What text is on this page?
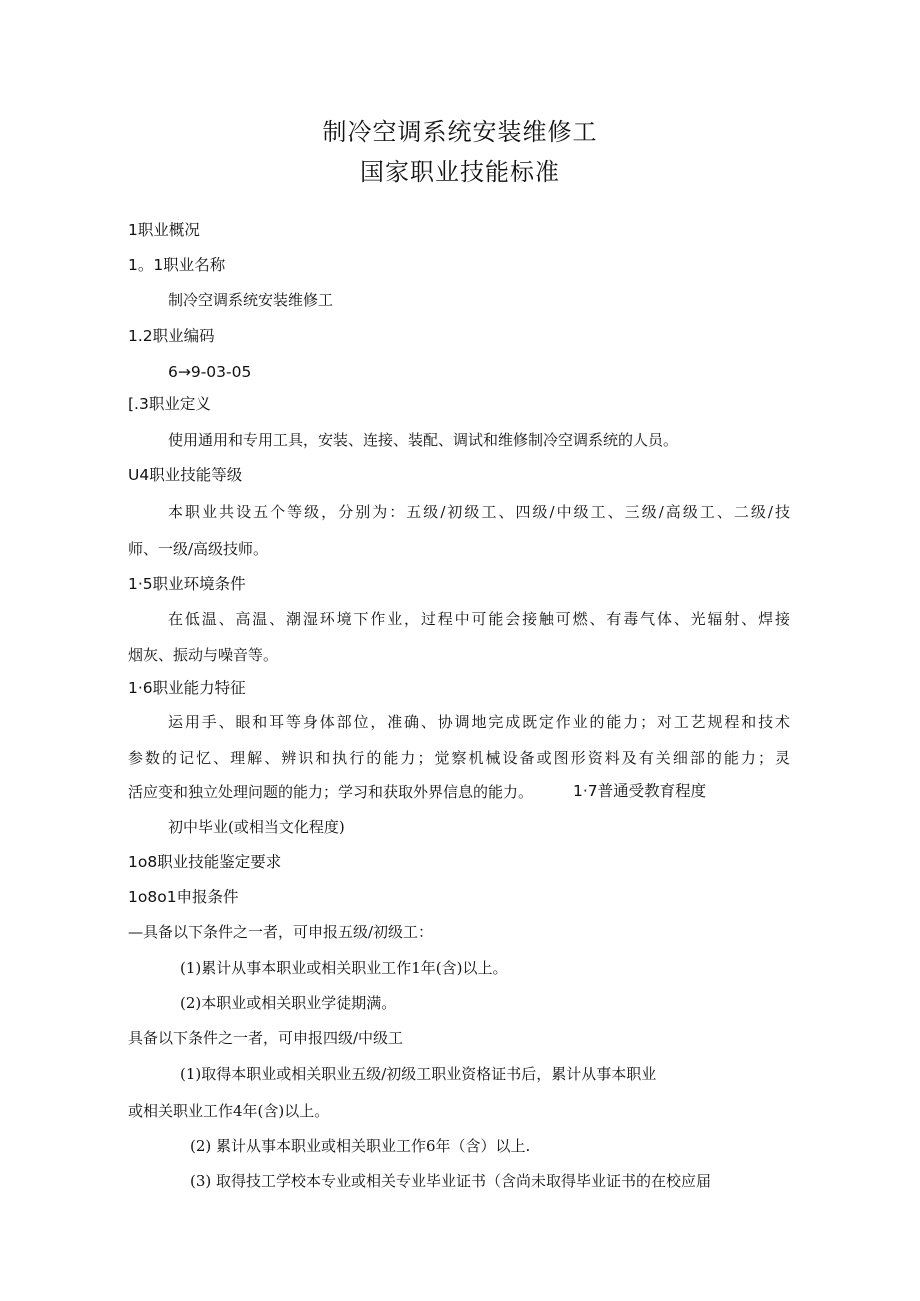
制冷空调系统安装维修工
国家职业技能标准
1职业概况
1。1职业名称
制冷空调系统安装维修工
1.2职业编码
6→9-03-05
[.3职业定义
使用通用和专用工具，安装、连接、装配、调试和维修制冷空调系统的人员。
U4职业技能等级
本职业共设五个等级，分别为：五级/初级工、四级/中级工、三级/高级工、二级/技
师、一级/高级技师。
1·5职业环境条件
在低温、高温、潮湿环境下作业，过程中可能会接触可燃、有毒气体、光辐射、焊接
烟灰、振动与噪音等。
1·6职业能力特征
运用手、眼和耳等身体部位，准确、协调地完成既定作业的能力；对工艺规程和技术
参数的记忆、理解、辨识和执行的能力；觉察机械设备或图形资料及有关细部的能力；灵
活应变和独立处理问题的能力；学习和获取外界信息的能力。	1·7普通受教育程度
初中毕业(或相当文化程度)
1o8职业技能鉴定要求
1o8o1申报条件
—具备以下条件之一者，可申报五级/初级工：
(1)累计从事本职业或相关职业工作1年(含)以上。
(2)本职业或相关职业学徒期满。
具备以下条件之一者，可申报四级/中级工
(1)取得本职业或相关职业五级/初级工职业资格证书后，累计从事本职业
或相关职业工作4年(含)以上。
(2) 累计从事本职业或相关职业工作6年（含）以上.
(3) 取得技工学校本专业或相关专业毕业证书（含尚未取得毕业证书的在校应届
